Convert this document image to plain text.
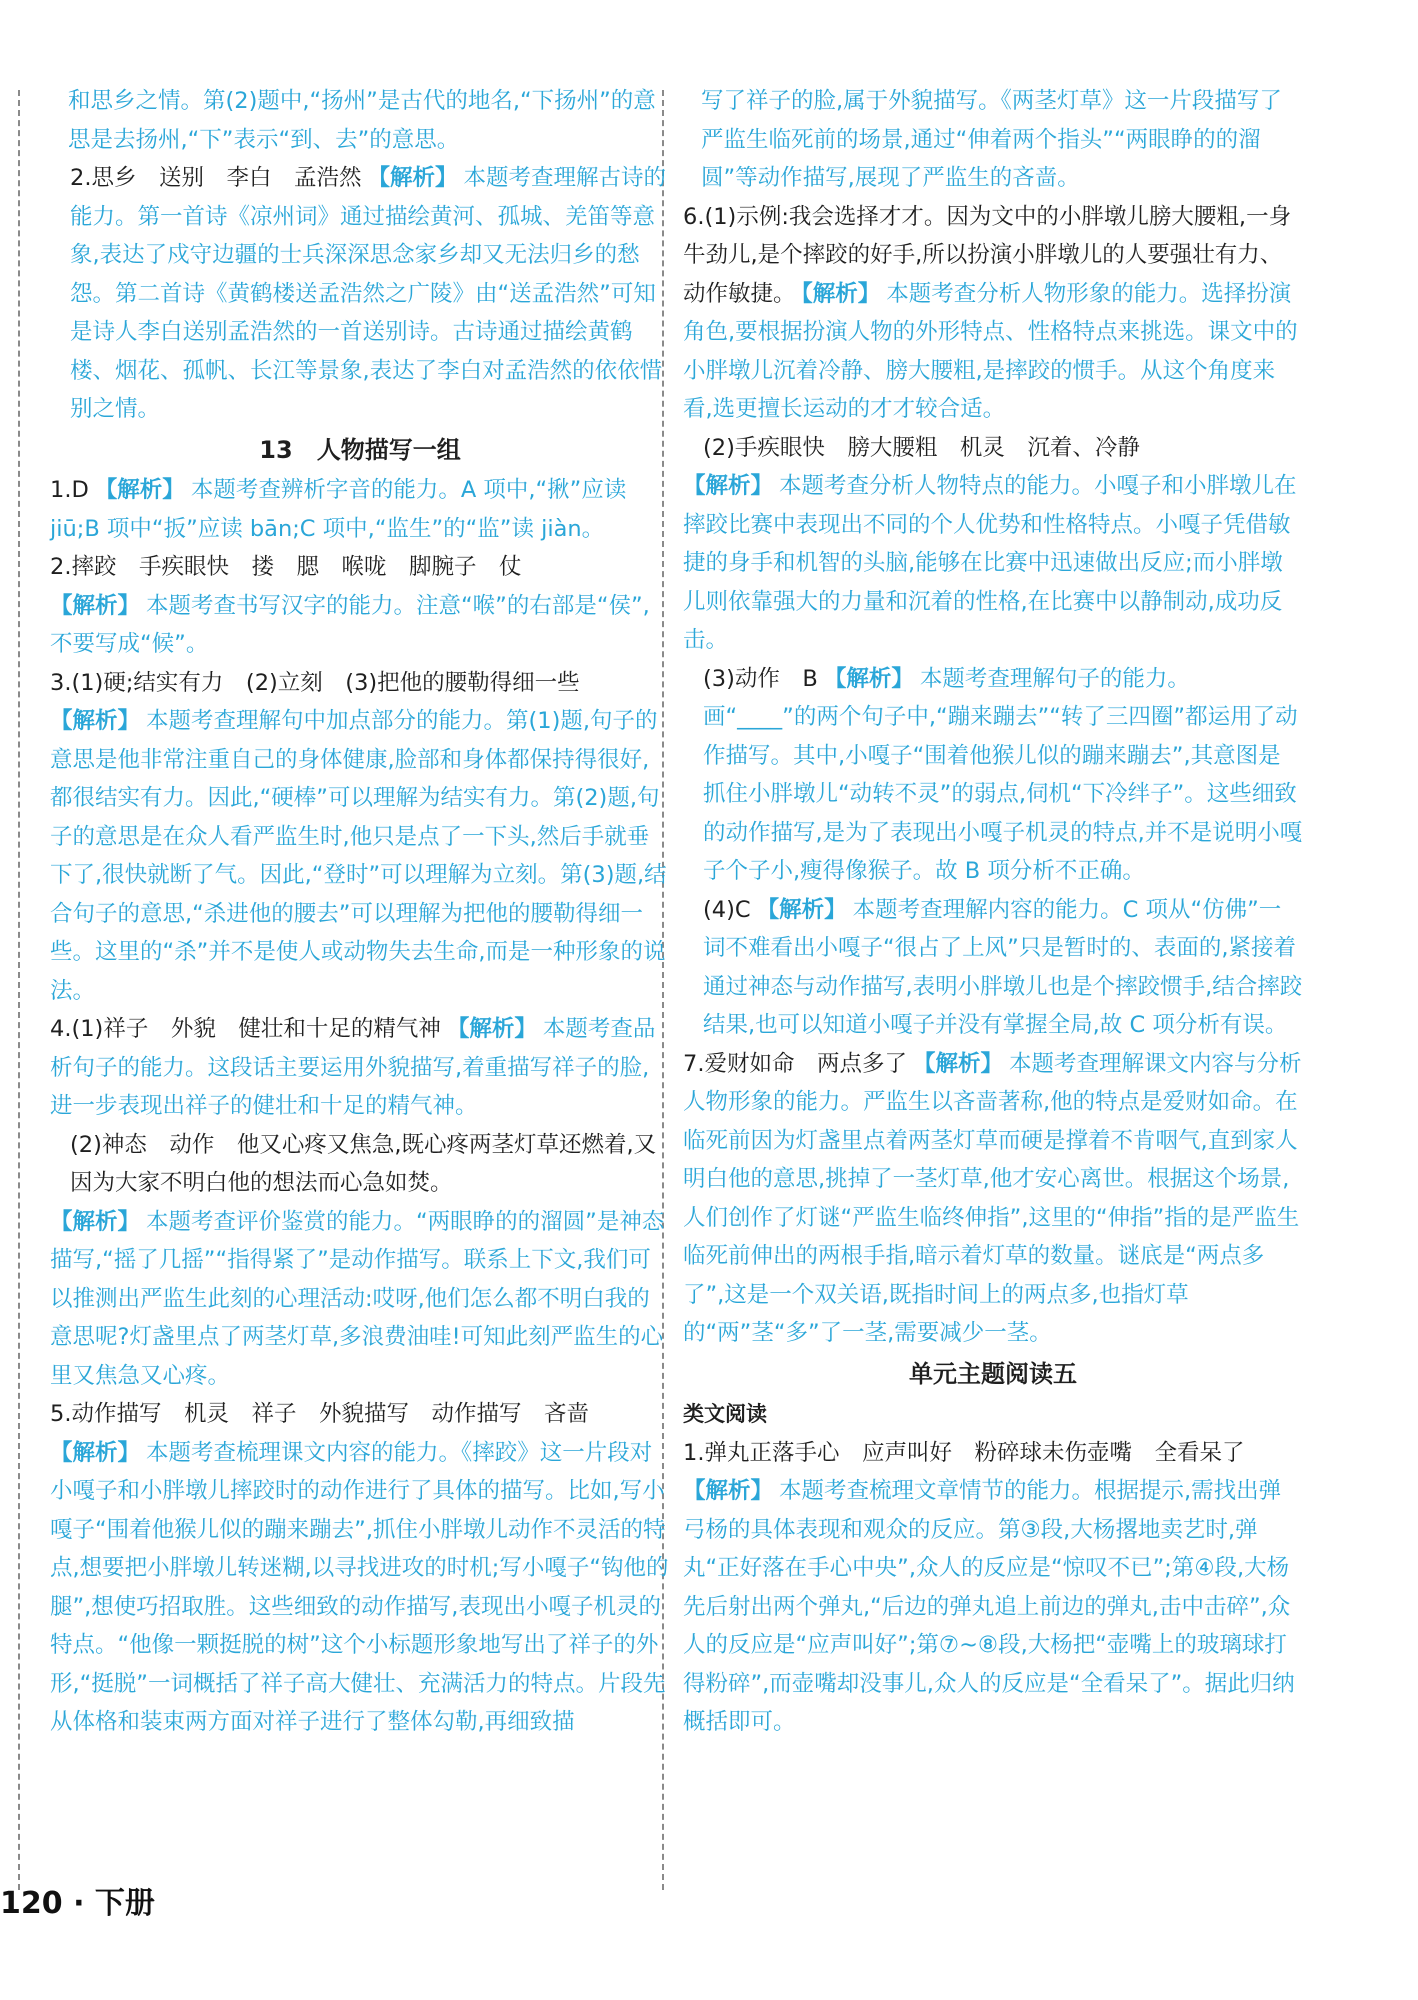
和思乡之情。第(2)题中,“扬州”是古代的地名,“下扬州”的意思是去扬州,“下”表示“到、去”的意思。

2.思乡　送别　李白　孟浩然 【解析】 本题考查理解古诗的能力。第一首诗《凉州词》通过描绘黄河、孤城、羌笛等意象,表达了戍守边疆的士兵深深思念家乡却又无法归乡的愁怨。第二首诗《黄鹤楼送孟浩然之广陵》由“送孟浩然”可知是诗人李白送别孟浩然的一首送别诗。古诗通过描绘黄鹤楼、烟花、孤帆、长江等景象,表达了李白对孟浩然的依依惜别之情。

13　人物描写一组

1.D 【解析】 本题考查辨析字音的能力。A 项中,“揪”应读 jiū;B 项中“扳”应读 bān;C 项中,“监生”的“监”读 jiàn。

2.摔跤　手疾眼快　搂　腮　喉咙　脚腕子　仗

【解析】 本题考查书写汉字的能力。注意“喉”的右部是“侯”,不要写成“候”。

3.(1)硬;结实有力　(2)立刻　(3)把他的腰勒得细一些

【解析】 本题考查理解句中加点部分的能力。第(1)题,句子的意思是他非常注重自己的身体健康,脸部和身体都保持得很好,都很结实有力。因此,“硬棒”可以理解为结实有力。第(2)题,句子的意思是在众人看严监生时,他只是点了一下头,然后手就垂下了,很快就断了气。因此,“登时”可以理解为立刻。第(3)题,结合句子的意思,“杀进他的腰去”可以理解为把他的腰勒得细一些。这里的“杀”并不是使人或动物失去生命,而是一种形象的说法。

4.(1)祥子　外貌　健壮和十足的精气神 【解析】 本题考查品析句子的能力。这段话主要运用外貌描写,着重描写祥子的脸,进一步表现出祥子的健壮和十足的精气神。

(2)神态　动作　他又心疼又焦急,既心疼两茎灯草还燃着,又因为大家不明白他的想法而心急如焚。

【解析】 本题考查评价鉴赏的能力。“两眼睁的的溜圆”是神态描写,“摇了几摇”“指得紧了”是动作描写。联系上下文,我们可以推测出严监生此刻的心理活动:哎呀,他们怎么都不明白我的意思呢?灯盏里点了两茎灯草,多浪费油哇!可知此刻严监生的心里又焦急又心疼。

5.动作描写　机灵　祥子　外貌描写　动作描写　吝啬

【解析】 本题考查梳理课文内容的能力。《摔跤》这一片段对小嘎子和小胖墩儿摔跤时的动作进行了具体的描写。比如,写小嘎子“围着他猴儿似的蹦来蹦去”,抓住小胖墩儿动作不灵活的特点,想要把小胖墩儿转迷糊,以寻找进攻的时机;写小嘎子“钩他的腿”,想使巧招取胜。这些细致的动作描写,表现出小嘎子机灵的特点。“他像一颗挺脱的树”这个小标题形象地写出了祥子的外形,“挺脱”一词概括了祥子高大健壮、充满活力的特点。片段先从体格和装束两方面对祥子进行了整体勾勒,再细致描

写了祥子的脸,属于外貌描写。《两茎灯草》这一片段描写了严监生临死前的场景,通过“伸着两个指头”“两眼睁的的溜圆”等动作描写,展现了严监生的吝啬。

6.(1)示例:我会选择才才。因为文中的小胖墩儿膀大腰粗,一身牛劲儿,是个摔跤的好手,所以扮演小胖墩儿的人要强壮有力、动作敏捷。 【解析】 本题考查分析人物形象的能力。选择扮演角色,要根据扮演人物的外形特点、性格特点来挑选。课文中的小胖墩儿沉着冷静、膀大腰粗,是摔跤的惯手。从这个角度来看,选更擅长运动的才才较合适。

(2)手疾眼快　膀大腰粗　机灵　沉着、冷静

【解析】 本题考查分析人物特点的能力。小嘎子和小胖墩儿在摔跤比赛中表现出不同的个人优势和性格特点。小嘎子凭借敏捷的身手和机智的头脑,能够在比赛中迅速做出反应;而小胖墩儿则依靠强大的力量和沉着的性格,在比赛中以静制动,成功反击。

(3)动作　B 【解析】 本题考查理解句子的能力。画“____”的两个句子中,“蹦来蹦去”“转了三四圈”都运用了动作描写。其中,小嘎子“围着他猴儿似的蹦来蹦去”,其意图是抓住小胖墩儿“动转不灵”的弱点,伺机“下冷绊子”。这些细致的动作描写,是为了表现出小嘎子机灵的特点,并不是说明小嘎子个子小,瘦得像猴子。故 B 项分析不正确。

(4)C 【解析】 本题考查理解内容的能力。C 项从“仿佛”一词不难看出小嘎子“很占了上风”只是暂时的、表面的,紧接着通过神态与动作描写,表明小胖墩儿也是个摔跤惯手,结合摔跤结果,也可以知道小嘎子并没有掌握全局,故 C 项分析有误。

7.爱财如命　两点多了 【解析】 本题考查理解课文内容与分析人物形象的能力。严监生以吝啬著称,他的特点是爱财如命。在临死前因为灯盏里点着两茎灯草而硬是撑着不肯咽气,直到家人明白他的意思,挑掉了一茎灯草,他才安心离世。根据这个场景,人们创作了灯谜“严监生临终伸指”,这里的“伸指”指的是严监生临死前伸出的两根手指,暗示着灯草的数量。谜底是“两点多了”,这是一个双关语,既指时间上的两点多,也指灯草的“两”茎“多”了一茎,需要减少一茎。

单元主题阅读五

类文阅读

1.弹丸正落手心　应声叫好　粉碎球未伤壶嘴　全看呆了

【解析】 本题考查梳理文章情节的能力。根据提示,需找出弹弓杨的具体表现和观众的反应。第③段,大杨撂地卖艺时,弹丸“正好落在手心中央”,众人的反应是“惊叹不已”;第④段,大杨先后射出两个弹丸,“后边的弹丸追上前边的弹丸,击中击碎”,众人的反应是“应声叫好”;第⑦~⑧段,大杨把“壶嘴上的玻璃球打得粉碎”,而壶嘴却没事儿,众人的反应是“全看呆了”。据此归纳概括即可。

120 · 下册
